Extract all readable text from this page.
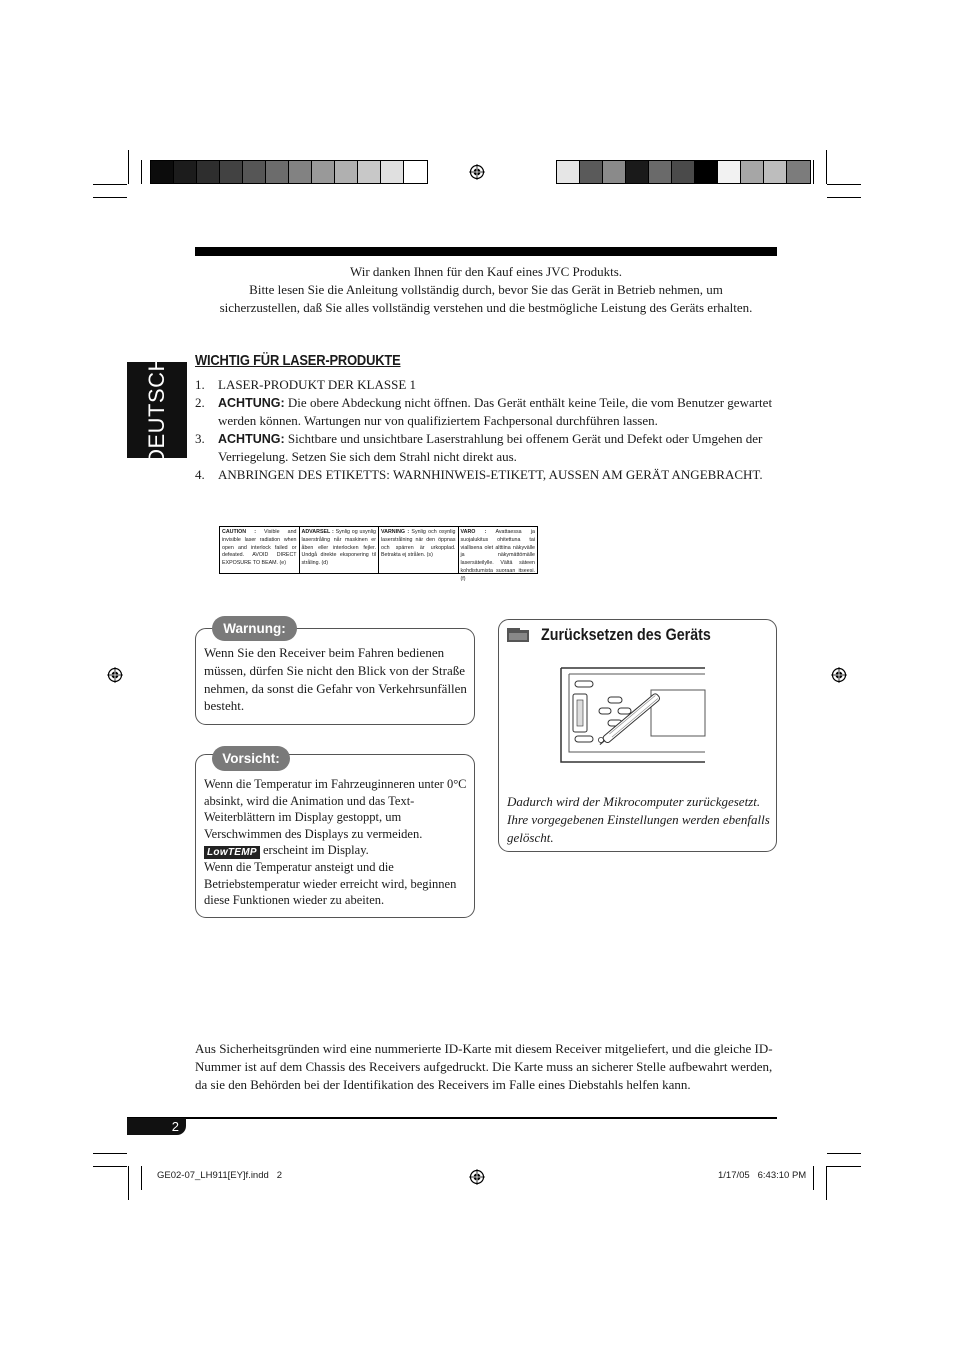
Wir danken Ihnen für den Kauf eines JVC Produkts.
Bitte lesen Sie die Anleitung vollständig durch, bevor Sie das Gerät in Betrieb nehmen, um sicherzustellen, daß Sie alles vollständig verstehen und die bestmögliche Leistung des Geräts erhalten.
DEUTSCH WICHTIG FÜR LASER-PRODUKTE
1. LASER-PRODUKT DER KLASSE 1
2. ACHTUNG: Die obere Abdeckung nicht öffnen. Das Gerät enthält keine Teile, die vom Benutzer gewartet werden können. Wartungen nur von qualifiziertem Fachpersonal durchführen lassen.
3. ACHTUNG: Sichtbare und unsichtbare Laserstrahlung bei offenem Gerät und Defekt oder Umgehen der Verriegelung. Setzen Sie sich dem Strahl nicht direkt aus.
4. ANBRINGEN DES ETIKETTS: WARNHINWEIS-ETIKETT, AUSSEN AM GERÄT ANGEBRACHT.
CAUTION : Visible and invisible laser radiation when open and interlock failed or defeated. AVOID DIRECT EXPOSURE TO BEAM. (e)
ADVARSEL : Synlig og usynlig laserstråling når maskinen er åben eller interlocken fejler. Undgå direkte eksponering til stråling. (d)
VARNING : Synlig och osynlig laserstrålning när den öppnas och spärren är urkopplad. Betrakta ej strålen. (s)
VARO : Avattaessa ja suojalukitus ohitettuna tai viallisena olet alttiina näkyvälle ja näkymättömälle lasersäteilylle. Vältä säteen kohdistumista suoraan itseesi. (f)
Warnung:
Wenn Sie den Receiver beim Fahren bedienen müssen, dürfen Sie nicht den Blick von der Straße nehmen, da sonst die Gefahr von Verkehrsunfällen besteht.
Vorsicht:
Wenn die Temperatur im Fahrzeuginneren unter 0°C absinkt, wird die Animation und das Text-Weiterblättern im Display gestoppt, um Verschwimmen des Displays zu vermeiden.
LowTEMP erscheint im Display.
Wenn die Temperatur ansteigt und die Betriebstemperatur wieder erreicht wird, beginnen diese Funktionen wieder zu abeiten.
Zurücksetzen des Geräts
Dadurch wird der Mikrocomputer zurückgesetzt. Ihre vorgegebenen Einstellungen werden ebenfalls gelöscht.
Aus Sicherheitsgründen wird eine nummerierte ID-Karte mit diesem Receiver mitgeliefert, und die gleiche ID-Nummer ist auf dem Chassis des Receivers aufgedruckt. Die Karte muss an sicherer Stelle aufbewahrt werden, da sie den Behörden bei der Identifikation des Receivers im Falle eines Diebstahls helfen kann.
2
GE02-07_LH911[EY]f.indd   2	1/17/05   6:43:10 PM
